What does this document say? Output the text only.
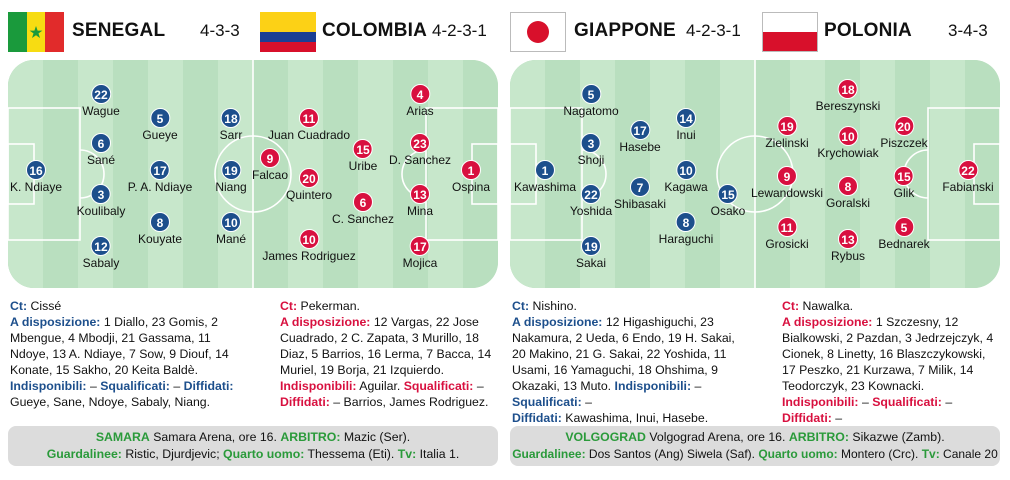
SENEGAL 4-3-3	COLOMBIA 4-2-3-1
16
K. Ndiaye
22
Wague
6
Sané
3
Koulibaly
12
Sabaly
5
Gueye
17
P. A. Ndiaye
8
Kouyate
18
Sarr
19
Niang
10
Mané
1
Ospina
4
Arias
23
D. Sanchez
13
Mina
17
Mojica
15
Uribe
6
C. Sanchez
11
Juan Cuadrado
20
Quintero
10
James Rodriguez
9
Falcao

Ct: Cissé

A disposizione: 1 Diallo, 23 Gomis, 2 Mbengue, 4 Mbodji, 21 Gassama, 11 Ndoye, 13 A. Ndiaye, 7 Sow, 9 Diouf, 14 Konate, 15 Sakho, 20 Keita Baldè.

Indisponibili: – Squalificati: – Diffidati:

Gueye, Sane, Ndoye, Sabaly, Niang.

Ct: Pekerman.

A disposizione: 12 Vargas, 22 Jose Cuadrado, 2 C. Zapata, 3 Murillo, 18 Diaz, 5 Barrios, 16 Lerma, 7 Bacca, 14 Muriel, 19 Borja, 21 Izquierdo.

Indisponibili: Aguilar. Squalificati: –

Diffidati: – Barrios, James Rodriguez.

SAMARA Samara Arena, ore 16. ARBITRO: Mazic (Ser).
Guardalinee: Ristic, Djurdjevic; Quarto uomo: Thessema (Eti). Tv: Italia 1.
GIAPPONE 4-2-3-1	POLONIA 3-4-3
1
Kawashima
5
Nagatomo
3
Shoji
22
Yoshida
19
Sakai
17
Hasebe
7
Shibasaki
14
Inui
10
Kagawa
8
Haraguchi
15
Osako
22
Fabianski
20
Piszczek
15
Glik
5
Bednarek
18
Bereszynski
10
Krychowiak
8
Goralski
13
Rybus
19
Zielinski
9
Lewandowski
11
Grosicki

Ct: Nishino.

A disposizione: 12 Higashiguchi, 23 Nakamura, 2 Ueda, 6 Endo, 19 H. Sakai, 20 Makino, 21 G. Sakai, 22 Yoshida, 11 Usami, 16 Yamaguchi, 18 Ohshima, 9 Okazaki, 13 Muto. Indisponibili: – Squalificati: –

Diffidati: Kawashima, Inui, Hasebe.

Ct: Nawalka.

A disposizione: 1 Szczesny, 12 Bialkowski, 2 Pazdan, 3 Jedrzejczyk, 4 Cionek, 8 Linetty, 16 Blaszczykowski, 17 Peszko, 21 Kurzawa, 7 Milik, 14 Teodorczyk, 23 Kownacki.

Indisponibili: – Squalificati: – Diffidati: –

VOLGOGRAD Volgograd Arena, ore 16. ARBITRO: Sikazwe (Zamb).
Guardalinee: Dos Santos (Ang) Siwela (Saf). Quarto uomo: Montero (Crc). Tv: Canale 20
